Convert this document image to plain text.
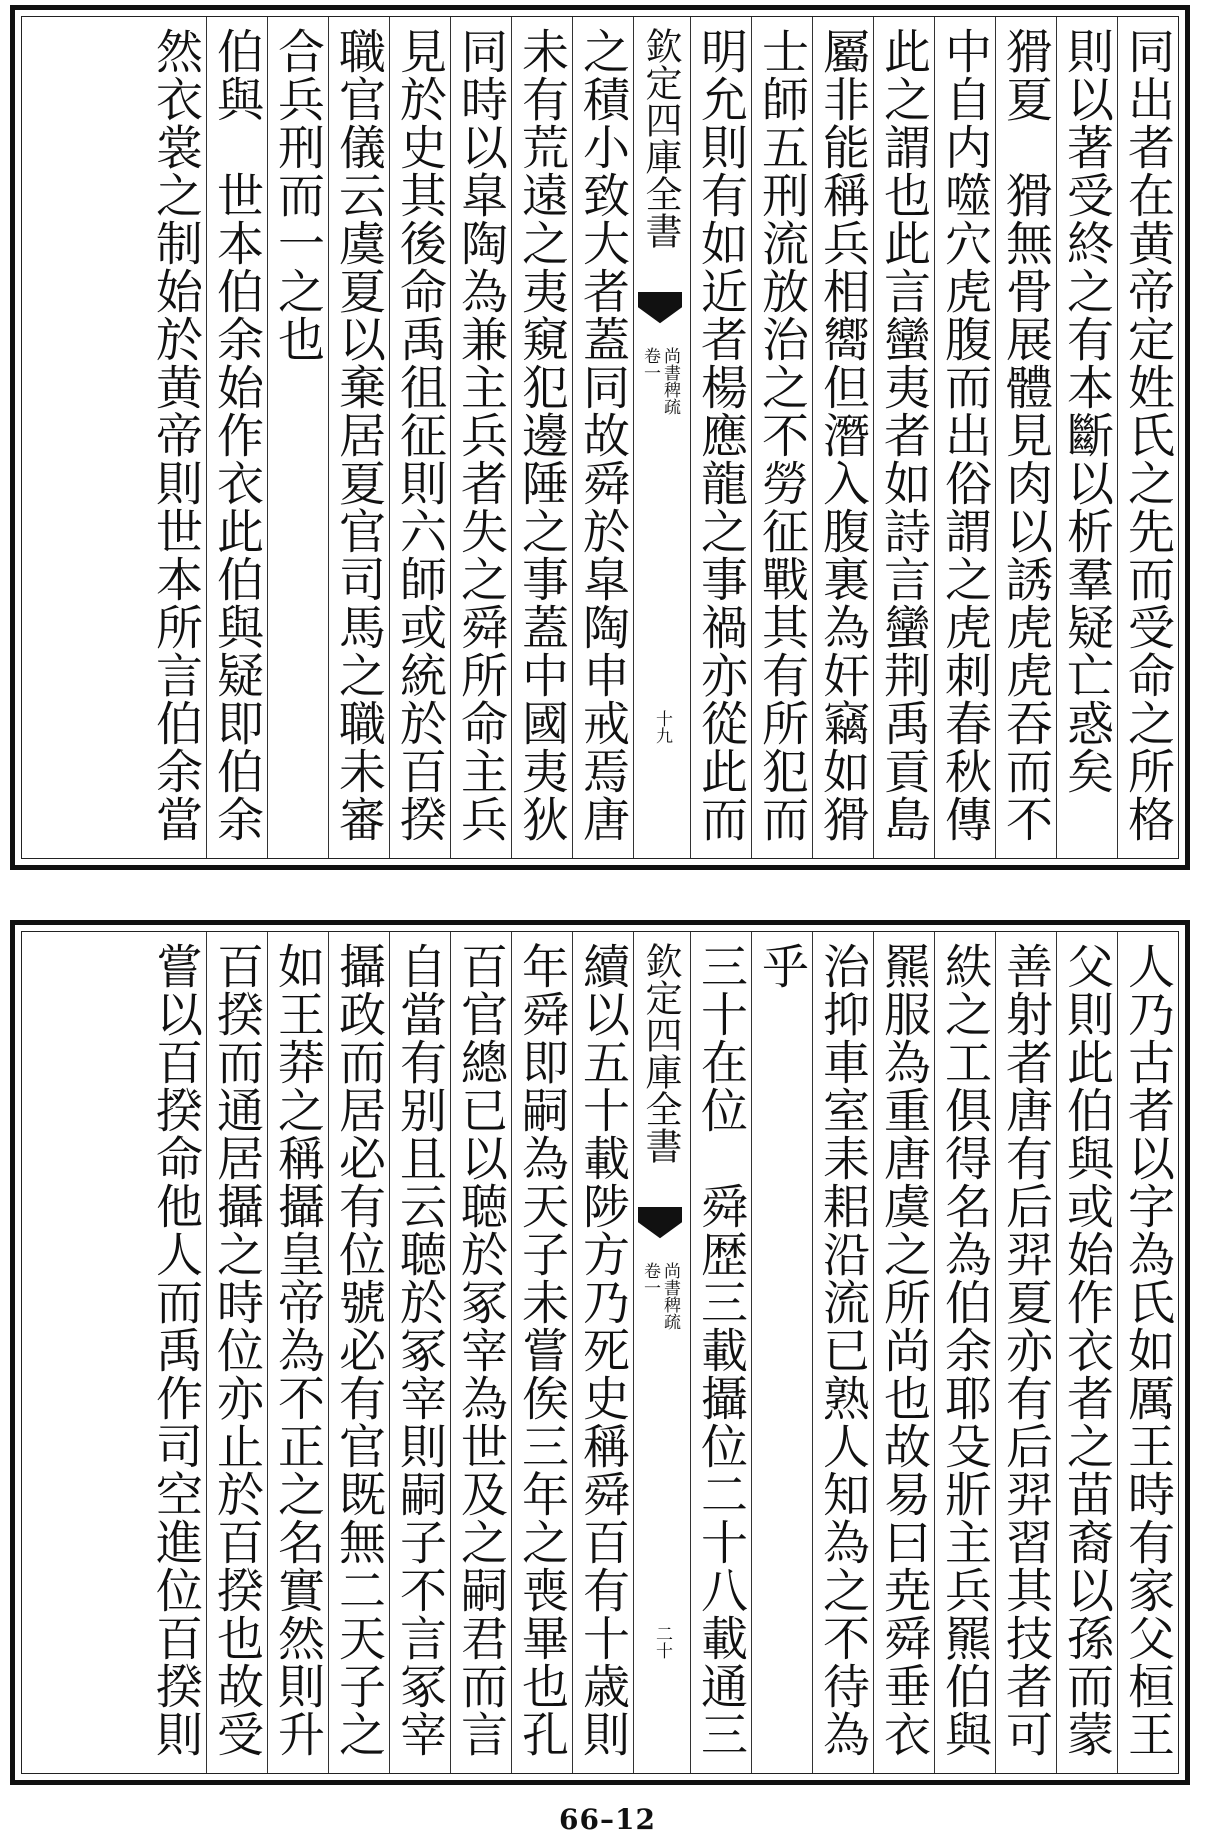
同出者在黄帝定姓氏之先而受命之所格
則以著受終之有本斷以析羣疑亡惑矣
猾夏　猾無骨展體見肉以誘虎虎吞而不
中自内噬穴虎腹而出俗謂之虎刺春秋傳
此之謂也此言蠻夷者如詩言蠻荆禹貢島
屬非能稱兵相嚮但潛入腹裏為奸竊如猾
士師五刑流放治之不勞征戰其有所犯而
明允則有如近者楊應龍之事禍亦從此而
欽定四庫全書
尚書稗疏
卷一
十九
之積小致大者蓋同故舜於皐陶申戒焉唐
未有荒遠之夷窺犯邊陲之事蓋中國夷狄
同時以皐陶為兼主兵者失之舜所命主兵
見於史其後命禹徂征則六師或統於百揆
職官儀云虞夏以棄居夏官司馬之職未審
合兵刑而一之也
伯與　世本伯余始作衣此伯與疑即伯余
然衣裳之制始於黄帝則世本所言伯余當
人乃古者以字為氏如厲王時有家父桓王
父則此伯與或始作衣者之苗裔以孫而蒙
善射者唐有后羿夏亦有后羿習其技者可
紩之工俱得名為伯余耶殳斨主兵羆伯與
羆服為重唐虞之所尚也故易曰尭舜垂衣
治抑車室耒耜沿流已熟人知為之不待為
乎
三十在位　舜歴三載攝位二十八載通三
欽定四庫全書
尚書稗疏
卷一
二十
續以五十載陟方乃死史稱舜百有十歳則
年舜即嗣為天子未嘗俟三年之喪畢也孔
百官總已以聴於冢宰為世及之嗣君而言
自當有别且云聴於冢宰則嗣子不言冢宰
攝政而居必有位號必有官既無二天子之
如王莽之稱攝皇帝為不正之名實然則升
百揆而通居攝之時位亦止於百揆也故受
嘗以百揆命他人而禹作司空進位百揆則
66–12
